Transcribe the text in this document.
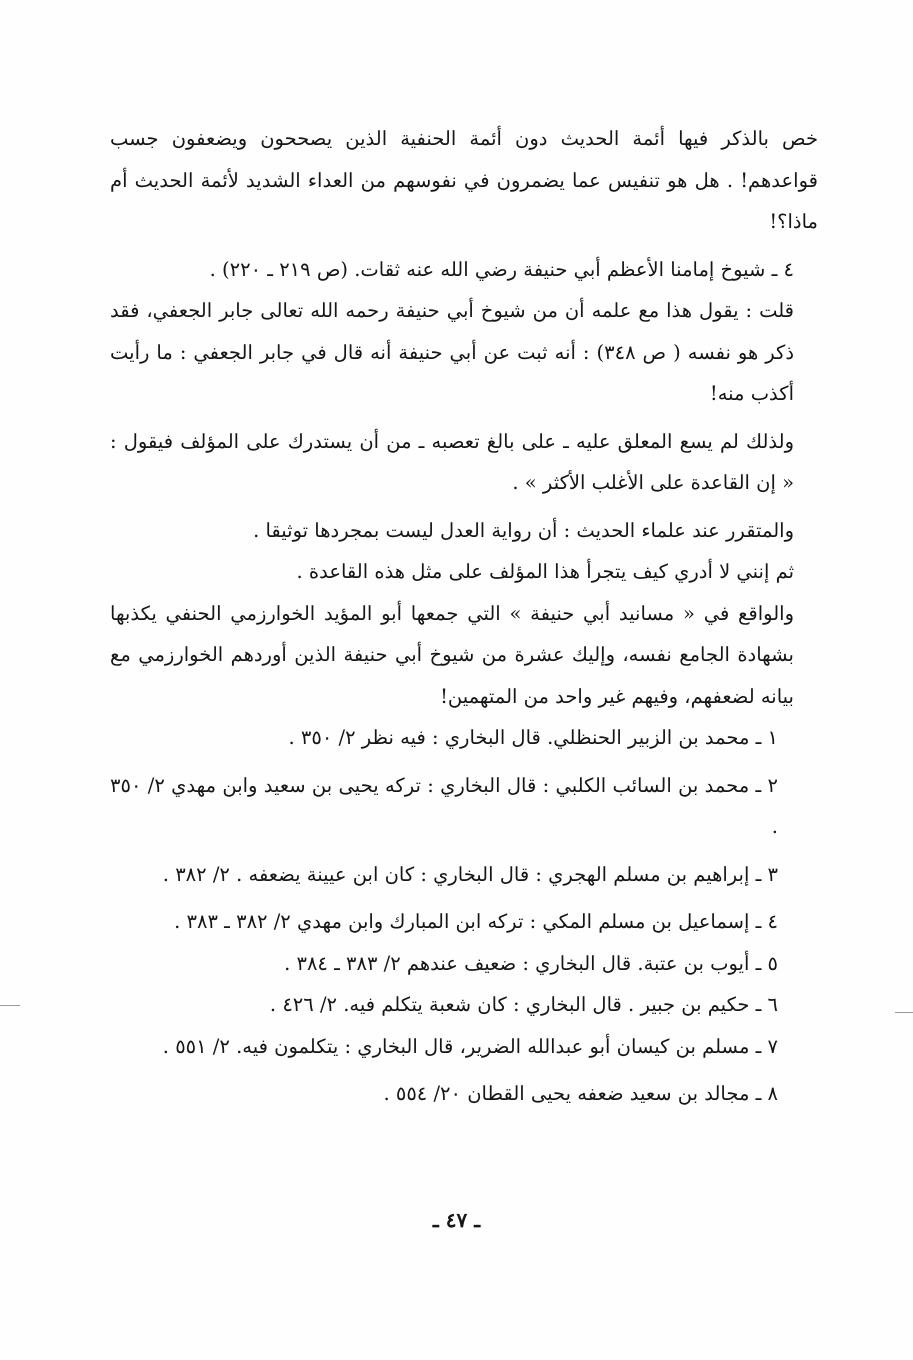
خص بالذكر فيها أئمة الحديث دون أئمة الحنفية الذين يصححون ويضعفون جسب قواعدهم! . هل هو تنفيس عما يضمرون في نفوسهم من العداء الشديد لأئمة الحديث أم ماذا؟!

٤ ـ شيوخ إمامنا الأعظم أبي حنيفة رضي الله عنه ثقات. (ص ٢١٩ ـ ٢٢٠) .

قلت : يقول هذا مع علمه أن من شيوخ أبي حنيفة رحمه الله تعالى جابر الجعفي، فقد ذكر هو نفسه ( ص ٣٤٨) : أنه ثبت عن أبي حنيفة أنه قال في جابر الجعفي : ما رأيت أكذب منه!

ولذلك لم يسع المعلق عليه ـ على بالغ تعصبه ـ من أن يستدرك على المؤلف فيقول : « إن القاعدة على الأغلب الأكثر » .

والمتقرر عند علماء الحديث : أن رواية العدل ليست بمجردها توثيقا .

ثم إنني لا أدري كيف يتجرأ هذا المؤلف على مثل هذه القاعدة .

والواقع في « مسانيد أبي حنيفة » التي جمعها أبو المؤيد الخوارزمي الحنفي يكذبها بشهادة الجامع نفسه، وإليك عشرة من شيوخ أبي حنيفة الذين أوردهم الخوارزمي مع بيانه لضعفهم، وفيهم غير واحد من المتهمين!

١ ـ محمد بن الزبير الحنظلي. قال البخاري : فيه نظر ٢/ ٣٥٠ .

٢ ـ محمد بن السائب الكلبي : قال البخاري : تركه يحيى بن سعيد وابن مهدي ٢/ ٣٥٠ .

٣ ـ إبراهيم بن مسلم الهجري : قال البخاري : كان ابن عيينة يضعفه . ٢/ ٣٨٢ .

٤ ـ إسماعيل بن مسلم المكي : تركه ابن المبارك وابن مهدي ٢/ ٣٨٢ ـ ٣٨٣ .

٥ ـ أيوب بن عتبة. قال البخاري : ضعيف عندهم ٢/ ٣٨٣ ـ ٣٨٤ .

٦ ـ حكيم بن جبير . قال البخاري : كان شعبة يتكلم فيه. ٢/ ٤٢٦ .

٧ ـ مسلم بن كيسان أبو عبدالله الضرير، قال البخاري : يتكلمون فيه. ٢/ ٥٥١ .

٨ ـ مجالد بن سعيد ضعفه يحيى القطان ٢٠/ ٥٥٤ .

ـ ٤٧ ـ
